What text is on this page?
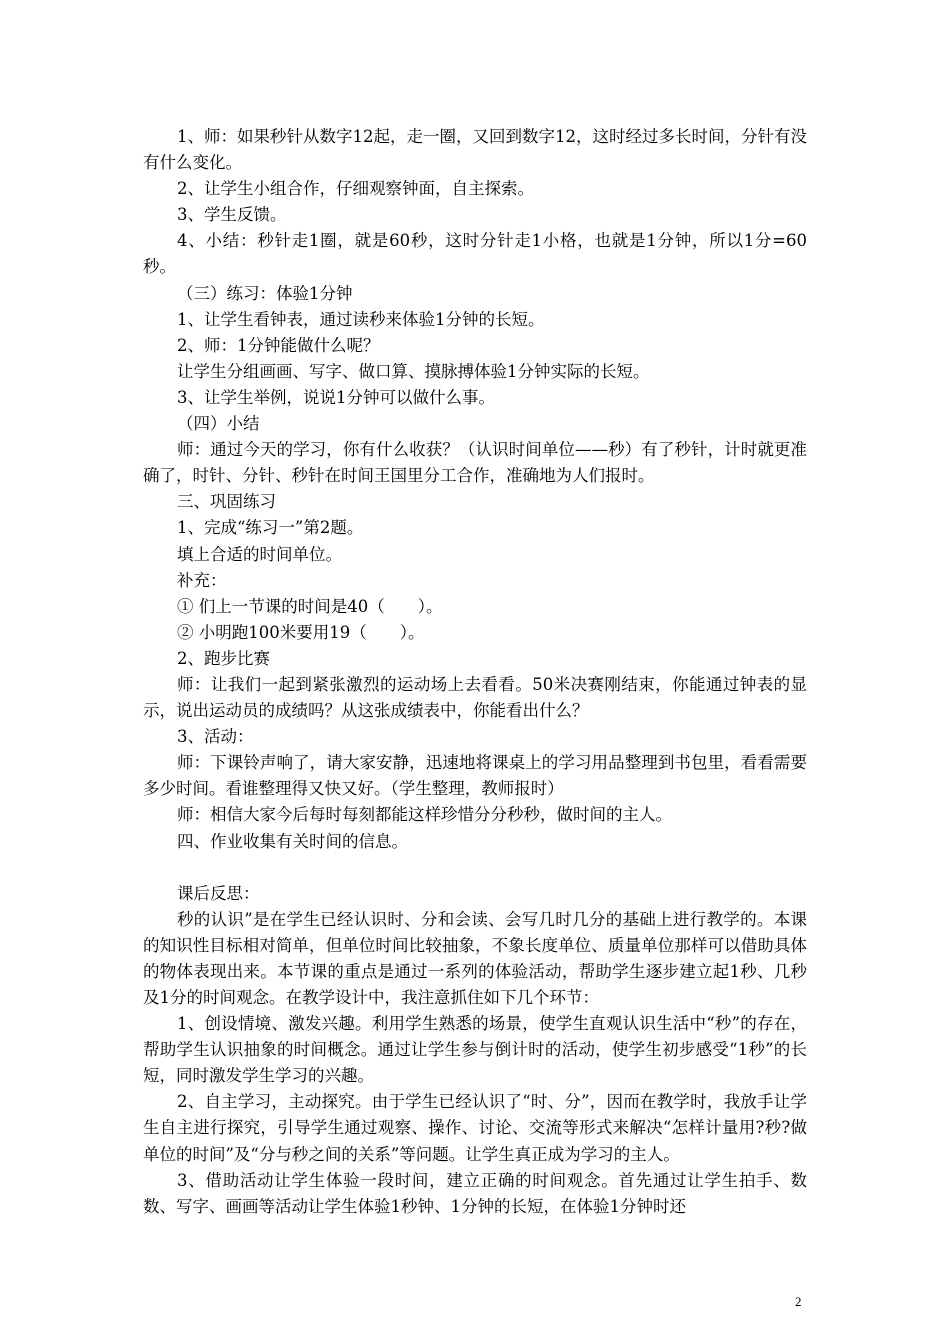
1、师：如果秒针从数字12起，走一圈，又回到数字12，这时经过多长时间，分针有没有什么变化。

2、让学生小组合作，仔细观察钟面，自主探索。

3、学生反馈。

4、小结：秒针走1圈，就是60秒，这时分针走1小格，也就是1分钟，所以1分=60秒。

（三）练习：体验1分钟

1、让学生看钟表，通过读秒来体验1分钟的长短。

2、师：1分钟能做什么呢？

让学生分组画画、写字、做口算、摸脉搏体验1分钟实际的长短。

3、让学生举例，说说1分钟可以做什么事。

（四）小结

师：通过今天的学习，你有什么收获？（认识时间单位——秒）有了秒针，计时就更准确了，时针、分针、秒针在时间王国里分工合作，准确地为人们报时。

三、巩固练习

1、完成“练习一”第2题。

填上合适的时间单位。

补充：

① 们上一节课的时间是40（　　）。

② 小明跑100米要用19（　　）。

2、跑步比赛

师：让我们一起到紧张激烈的运动场上去看看。50米决赛刚结束，你能通过钟表的显示，说出运动员的成绩吗？从这张成绩表中，你能看出什么？

3、活动：

师：下课铃声响了，请大家安静，迅速地将课桌上的学习用品整理到书包里，看看需要多少时间。看谁整理得又快又好。（学生整理，教师报时）

师：相信大家今后每时每刻都能这样珍惜分分秒秒，做时间的主人。

四、作业收集有关时间的信息。

课后反思：

秒的认识”是在学生已经认识时、分和会读、会写几时几分的基础上进行教学的。本课的知识性目标相对简单，但单位时间比较抽象，不象长度单位、质量单位那样可以借助具体的物体表现出来。本节课的重点是通过一系列的体验活动，帮助学生逐步建立起1秒、几秒及1分的时间观念。在教学设计中，我注意抓住如下几个环节：

1、创设情境、激发兴趣。利用学生熟悉的场景，使学生直观认识生活中“秒”的存在，帮助学生认识抽象的时间概念。通过让学生参与倒计时的活动，使学生初步感受“1秒”的长短，同时激发学生学习的兴趣。

2、自主学习，主动探究。由于学生已经认识了“时、分”，因而在教学时，我放手让学生自主进行探究，引导学生通过观察、操作、讨论、交流等形式来解决“怎样计量用?秒?做单位的时间”及“分与秒之间的关系”等问题。让学生真正成为学习的主人。

3、借助活动让学生体验一段时间，建立正确的时间观念。首先通过让学生拍手、数数、写字、画画等活动让学生体验1秒钟、1分钟的长短，在体验1分钟时还

2
